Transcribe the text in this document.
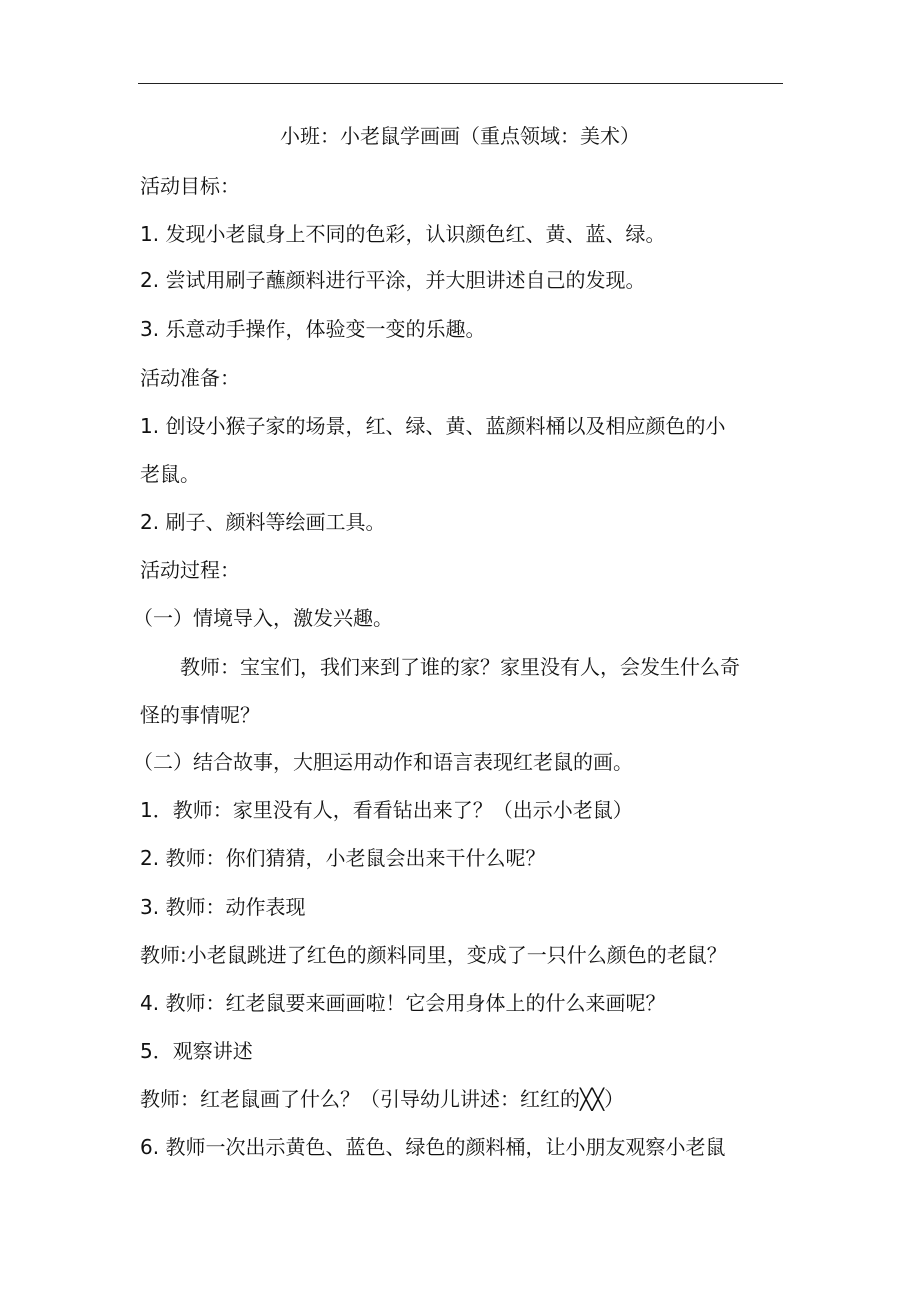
小班：小老鼠学画画（重点领域：美术）
活动目标：
1. 发现小老鼠身上不同的色彩，认识颜色红、黄、蓝、绿。
2. 尝试用刷子蘸颜料进行平涂，并大胆讲述自己的发现。
3. 乐意动手操作，体验变一变的乐趣。
活动准备：
1. 创设小猴子家的场景，红、绿、黄、蓝颜料桶以及相应颜色的小
老鼠。
2. 刷子、颜料等绘画工具。
活动过程：
（一）情境导入，激发兴趣。
教师：宝宝们，我们来到了谁的家？家里没有人，会发生什么奇
怪的事情呢？
（二）结合故事，大胆运用动作和语言表现红老鼠的画。
1．教师：家里没有人，看看钻出来了？（出示小老鼠）
2. 教师：你们猜猜，小老鼠会出来干什么呢？
3. 教师：动作表现
教师:小老鼠跳进了红色的颜料同里，变成了一只什么颜色的老鼠？
4. 教师：红老鼠要来画画啦！它会用身体上的什么来画呢？
5．观察讲述
教师：红老鼠画了什么？（引导幼儿讲述：红红的╳╳）
6. 教师一次出示黄色、蓝色、绿色的颜料桶，让小朋友观察小老鼠
